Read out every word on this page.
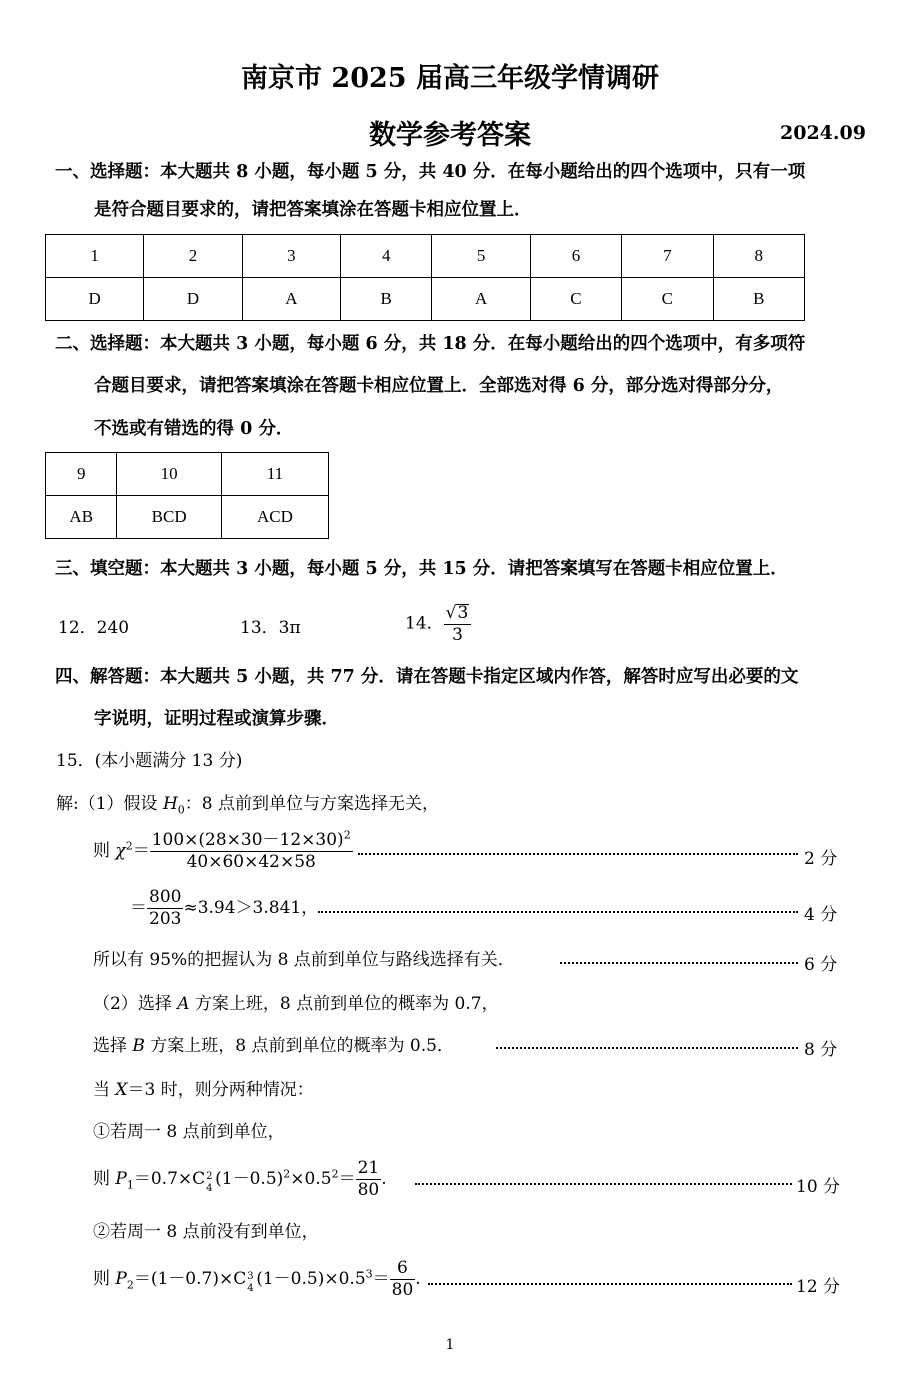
南京市 2025 届高三年级学情调研
数学参考答案	2024.09
一、选择题：本大题共 8 小题，每小题 5 分，共 40 分．在每小题给出的四个选项中，只有一项
是符合题目要求的，请把答案填涂在答题卡相应位置上．
1	2	3	4	5	6	7	8
D	D	A	B	A	C	C	B
二、选择题：本大题共 3 小题，每小题 6 分，共 18 分．在每小题给出的四个选项中，有多项符
合题目要求，请把答案填涂在答题卡相应位置上．全部选对得 6 分，部分选对得部分分，
不选或有错选的得 0 分．
9	10	11
AB	BCD	ACD
三、填空题：本大题共 3 小题，每小题 5 分，共 15 分．请把答案填写在答题卡相应位置上．
12．240	13．3π	14． $\frac{√3}{3}$
四、解答题：本大题共 5 小题，共 77 分．请在答题卡指定区域内作答，解答时应写出必要的文
字说明，证明过程或演算步骤．
15．(本小题满分 13 分)
解:（1）假设 $H_0$：8 点前到单位与方案选择无关，
则 $\chi^2= \frac{100\times(28\times 30-12\times 30)^2}{40\times 60\times 42\times 58}$	2 分
＝ $\frac{800}{203} \approx 3.94>3.841$，	4 分
所以有 95%的把握认为 8 点前到单位与路线选择有关．	6 分
（2）选择 A 方案上班，8 点前到单位的概率为 0.7，
选择 B 方案上班，8 点前到单位的概率为 0.5．	8 分
当 X＝3 时，则分两种情况：
①若周一 8 点前到单位，
则 $P_1=0.7\times C$ 2
4 $(1-0.5)^2\times 0.5^2= \frac{21}{80}$ .	10 分
②若周一 8 点前没有到单位，
则 $P_2=(1-0.7)\times C$ 3
4 $(1-0.5)\times 0.5^3= \frac{6}{80}$ .	12 分
1
